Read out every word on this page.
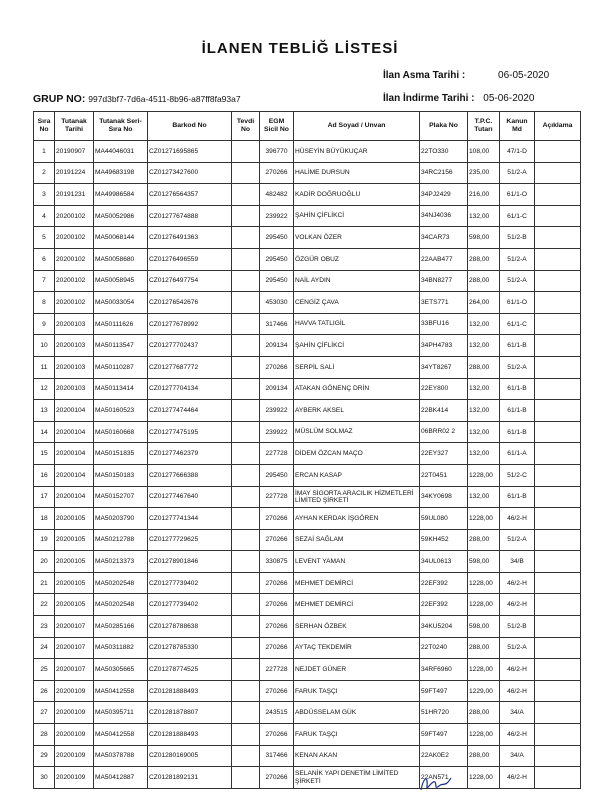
İLANEN TEBLİĞ LİSTESİ
İlan Asma Tarihi :	06-05-2020
GRUP NO: 997d3bf7-7d6a-4511-8b96-a87ff8fa93a7	İlan İndirme Tarihi : 05-06-2020
Sıra No	Tutanak Tarihi	Tutanak Seri-Sıra No	Barkod No	Tevdi No	EGM Sicil No	Ad Soyad / Unvan	Plaka No	T.P.C. Tutarı	Kanun Md	Açıklama
1	20190907	MA44046031	CZ01271695865		396770	HÜSEYİN BÜYÜKUÇAR	22TO330	108,00	47/1-D	
2	20191224	MA49683198	CZ01273427600		270266	HALİME DURSUN	34RC2156	235,00	51/2-A	
3	20191231	MA49986584	CZ01276564357		482482	KADİR DOĞRUOĞLU	34PJ2429	216,00	61/1-O	
4	20200102	MA50052986	CZ01277674888		239922	ŞAHİN ÇİFLİKCİ	34NJ4036	132,00	61/1-C	
5	20200102	MA50068144	CZ01276491363		295450	VOLKAN ÖZER	34CAR73	598,00	51/2-B	
6	20200102	MA50058680	CZ01276496559		295450	ÖZGÜR OBUZ	22AAB477	288,00	51/2-A	
7	20200102	MA50058945	CZ01276497754		295450	NAİL AYDIN	34BN8277	288,00	51/2-A	
8	20200102	MA50033054	CZ01276542676		453030	CENGİZ ÇAVA	3ETS771	264,00	61/1-O	
9	20200103	MA50111626	CZ01277678992		317466	HAVVA TATLIGİL	33BFU16	132,00	61/1-C	
10	20200103	MA50113547	CZ01277702437		209134	ŞAHİN ÇİFLİKCİ	34PH4783	132,00	61/1-B	
11	20200103	MA50110287	CZ01277687772		270266	SERPİL SALİ	34YT8267	288,00	51/2-A	
12	20200103	MA50113414	CZ01277704134		209134	ATAKAN GÖNENÇ DRİN	22EY800	132,00	61/1-B	
13	20200104	MA50160523	CZ01277474464		239922	AYBERK AKSEL	22BK414	132,00	61/1-B	
14	20200104	MA50160668	CZ01277475195		239922	MÜSLÜM SOLMAZ	06BRR02 2	132,00	61/1-B	
15	20200104	MA50151835	CZ01277462379		227728	DİDEM ÖZCAN MAÇO	22EY327	132,00	61/1-A	
16	20200104	MA50150183	CZ01277666388		295450	ERCAN KASAP	22T0451	1228,00	51/2-C	
17	20200104	MA50152707	CZ01277467640		227728	İMAY SİGORTA ARACILIK HİZMETLERİ LİMİTED ŞİRKETİ	34KY0698	132,00	61/1-B	
18	20200105	MA50203790	CZ01277741344		270266	AYHAN KERDAK İŞGÖREN	59UL080	1228,00	46/2-H	
19	20200105	MA50212788	CZ01277729625		270266	SEZAİ SAĞLAM	59KH452	288,00	51/2-A	
20	20200105	MA50213373	CZ01278901846		330875	LEVENT YAMAN	34UL0613	598,00	34/B	
21	20200105	MA50202548	CZ01277739402		270266	MEHMET DEMİRCİ	22EF392	1228,00	46/2-H	
22	20200105	MA50202548	CZ01277739402		270266	MEHMET DEMİRCİ	22EF392	1228,00	46/2-H	
23	20200107	MA50285166	CZ01278788638		270266	SERHAN ÖZBEK	34KU5204	598,00	51/2-B	
24	20200107	MA50311882	CZ01278785330		270266	AYTAÇ TEKDEMİR	22T0240	288,00	51/2-A	
25	20200107	MA50305665	CZ01278774525		227728	NEJDET GÜNER	34RF6960	1228,00	46/2-H	
26	20200109	MA50412558	CZ01281888493		270266	FARUK TAŞÇI	59FT497	1229,00	46/2-H	
27	20200109	MA50395711	CZ01281878807		243515	ABDÜSSELAM GÜK	51HR720	288,00	34/A	
28	20200109	MA50412558	CZ01281888493		270266	FARUK TAŞÇI	59FT497	1228,00	46/2-H	
29	20200109	MA50378788	CZ01280169005		317466	KENAN AKAN	22AK0E2	288,00	34/A	
30	20200109	MA50412887	CZ01281892131		270266	SELANİK YAPI DENETİM LİMİTED ŞİRKETİ	22AN571	1228,00	46/2-H	
